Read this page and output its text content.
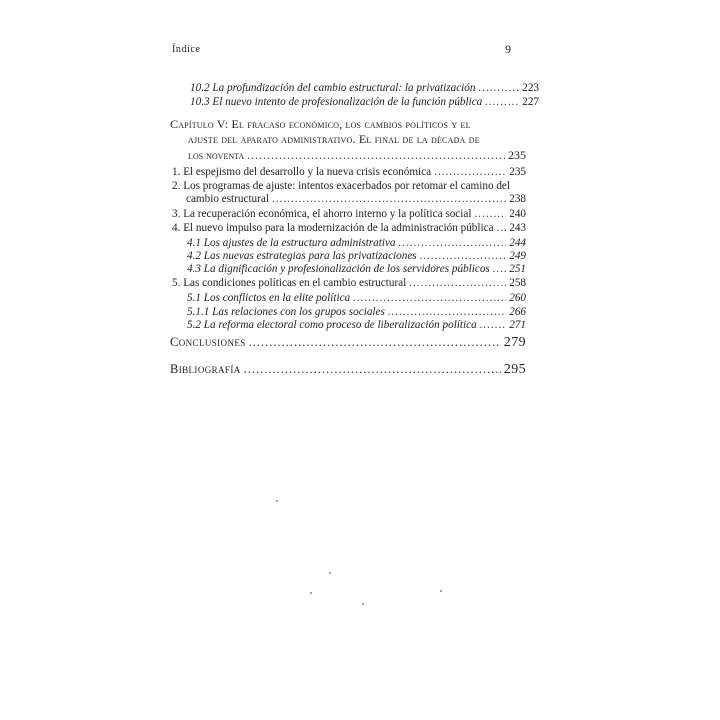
Índice	9
10.2 La profundización del cambio estructural: la privatización .....	223
10.3 El nuevo intento de profesionalización de la función pública .....	227
Capítulo V: El fracaso económico, los cambios políticos y el
ajuste del aparato administrativo. El final de la década de
los noventa .....	235
1. El espejismo del desarrollo y la nueva crisis económica .....	235
2. Los programas de ajuste: intentos exacerbados por retomar el camino del
cambio estructural .....	238
3. La recuperación económica, el ahorro interno y la política social .....	240
4. El nuevo impulso para la modernización de la administración pública ..... 243
4.1 Los ajustes de la estructura administrativa .....	244
4.2 Las nuevas estrategias para las privatizaciones .....	249
4.3 La dignificación y profesionalización de los servidores públicos ..... 251
5. Las condiciones políticas en el cambio estructural .....	258
5.1 Los conflictos en la elite política .....	260
5.1.1 Las relaciones con los grupos sociales .....	266
5.2 La reforma electoral como proceso de liberalización política .....	271
Conclusiones .....	279
Bibliografía .....	295
